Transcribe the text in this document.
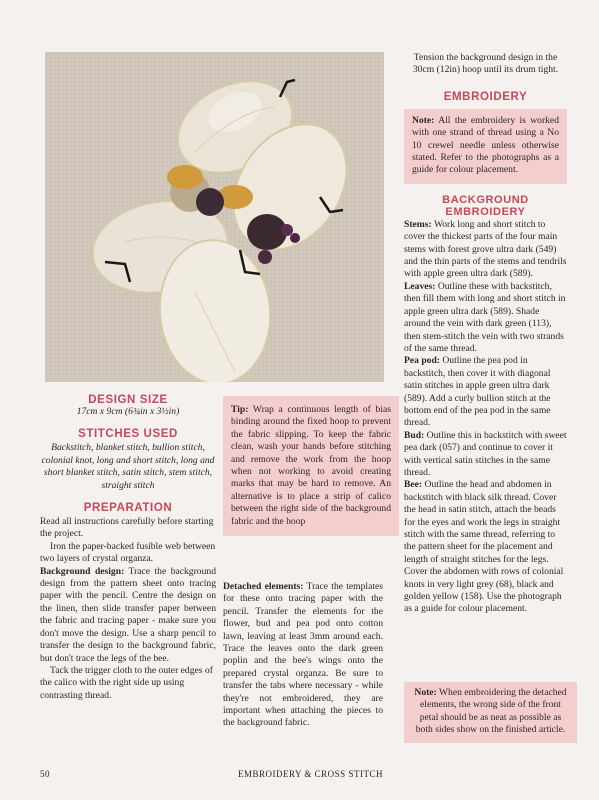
Tension the background design in the 30cm (12in) hoop until its drum tight.

EMBROIDERY

Note: All the embroidery is worked with one strand of thread using a No 10 crewel needle unless otherwise stated. Refer to the photographs as a guide for colour placement.

BACKGROUND EMBROIDERY

Stems: Work long and short stitch to cover the thickest parts of the four main stems with forest grove ultra dark (549) and the thin parts of the stems and tendrils with apple green ultra dark (589).

Leaves: Outline these with backstitch, then fill them with long and short stitch in apple green ultra dark (589). Shade around the vein with dark green (113), then stem-stitch the vein with two strands of the same thread.

Pea pod: Outline the pea pod in backstitch, then cover it with diagonal satin stitches in apple green ultra dark (589). Add a curly bullion stitch at the bottom end of the pea pod in the same thread.

Bud: Outline this in backstitch with sweet pea dark (057) and continue to cover it with vertical satin stitches in the same thread.

Bee: Outline the head and abdomen in backstitch with black silk thread. Cover the head in satin stitch, attach the beads for the eyes and work the legs in straight stitch with the same thread, referring to the pattern sheet for the placement and length of straight stitches for the legs. Cover the abdomen with rows of colonial knots in very light grey (68), black and golden yellow (158). Use the photograph as a guide for colour placement.

Note: When embroidering the detached elements, the wrong side of the front petal should be as neat as possible as both sides show on the finished article.

DESIGN SIZE

17cm x 9cm (6¾in x 3½in)

STITCHES USED

Backstitch, blanket stitch, bullion stitch, colonial knot, long and short stitch, long and short blanket stitch, satin stitch, stem stitch, straight stitch

PREPARATION

Read all instructions carefully before starting the project.

Iron the paper-backed fusible web between two layers of crystal organza.

Background design: Trace the background design from the pattern sheet onto tracing paper with the pencil. Centre the design on the linen, then slide transfer paper between the fabric and tracing paper - make sure you don't move the design. Use a sharp pencil to transfer the design to the background fabric, but don't trace the legs of the bee.

Tack the trigger cloth to the outer edges of the calico with the right side up using contrasting thread.

Tip: Wrap a continuous length of bias binding around the fixed hoop to prevent the fabric slipping. To keep the fabric clean, wash your hands before stitching and remove the work from the hoop when not working to avoid creating marks that may be hard to remove. An alternative is to place a strip of calico between the right side of the background fabric and the hoop

Detached elements: Trace the templates for these onto tracing paper with the pencil. Transfer the elements for the flower, bud and pea pod onto cotton lawn, leaving at least 3mm around each. Trace the leaves onto the dark green poplin and the bee's wings onto the prepared crystal organza. Be sure to transfer the tabs where necessary - while they're not embroidered, they are important when attaching the pieces to the background fabric.

50	EMBROIDERY & CROSS STITCH
